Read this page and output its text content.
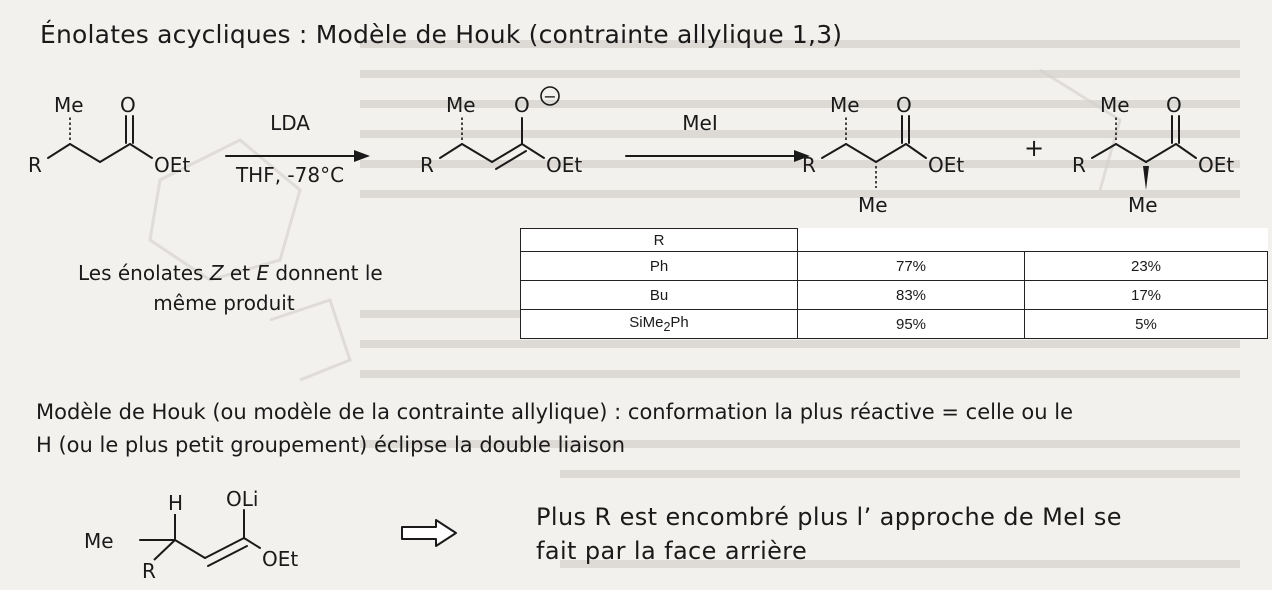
Énolates acycliques : Modèle de Houk (contrainte allylique 1,3)
Me O
R	OEt
LDA
THF, -78°C
MeI
Me O −
R	OEt
Me O
R	OEt
Me
+
Me O
R	OEt
Me
H OLi
Me
R	OEt
Les énolates Z et E donnent le
même produit
R		
Ph	77%	23%
Bu	83%	17%
SiMe$_2$Ph	95%	5%
Modèle de Houk (ou modèle de la contrainte allylique) : conformation la plus réactive = celle ou le
H (ou le plus petit groupement) éclipse la double liaison
Plus R est encombré plus l’ approche de MeI se
fait par la face arrière
